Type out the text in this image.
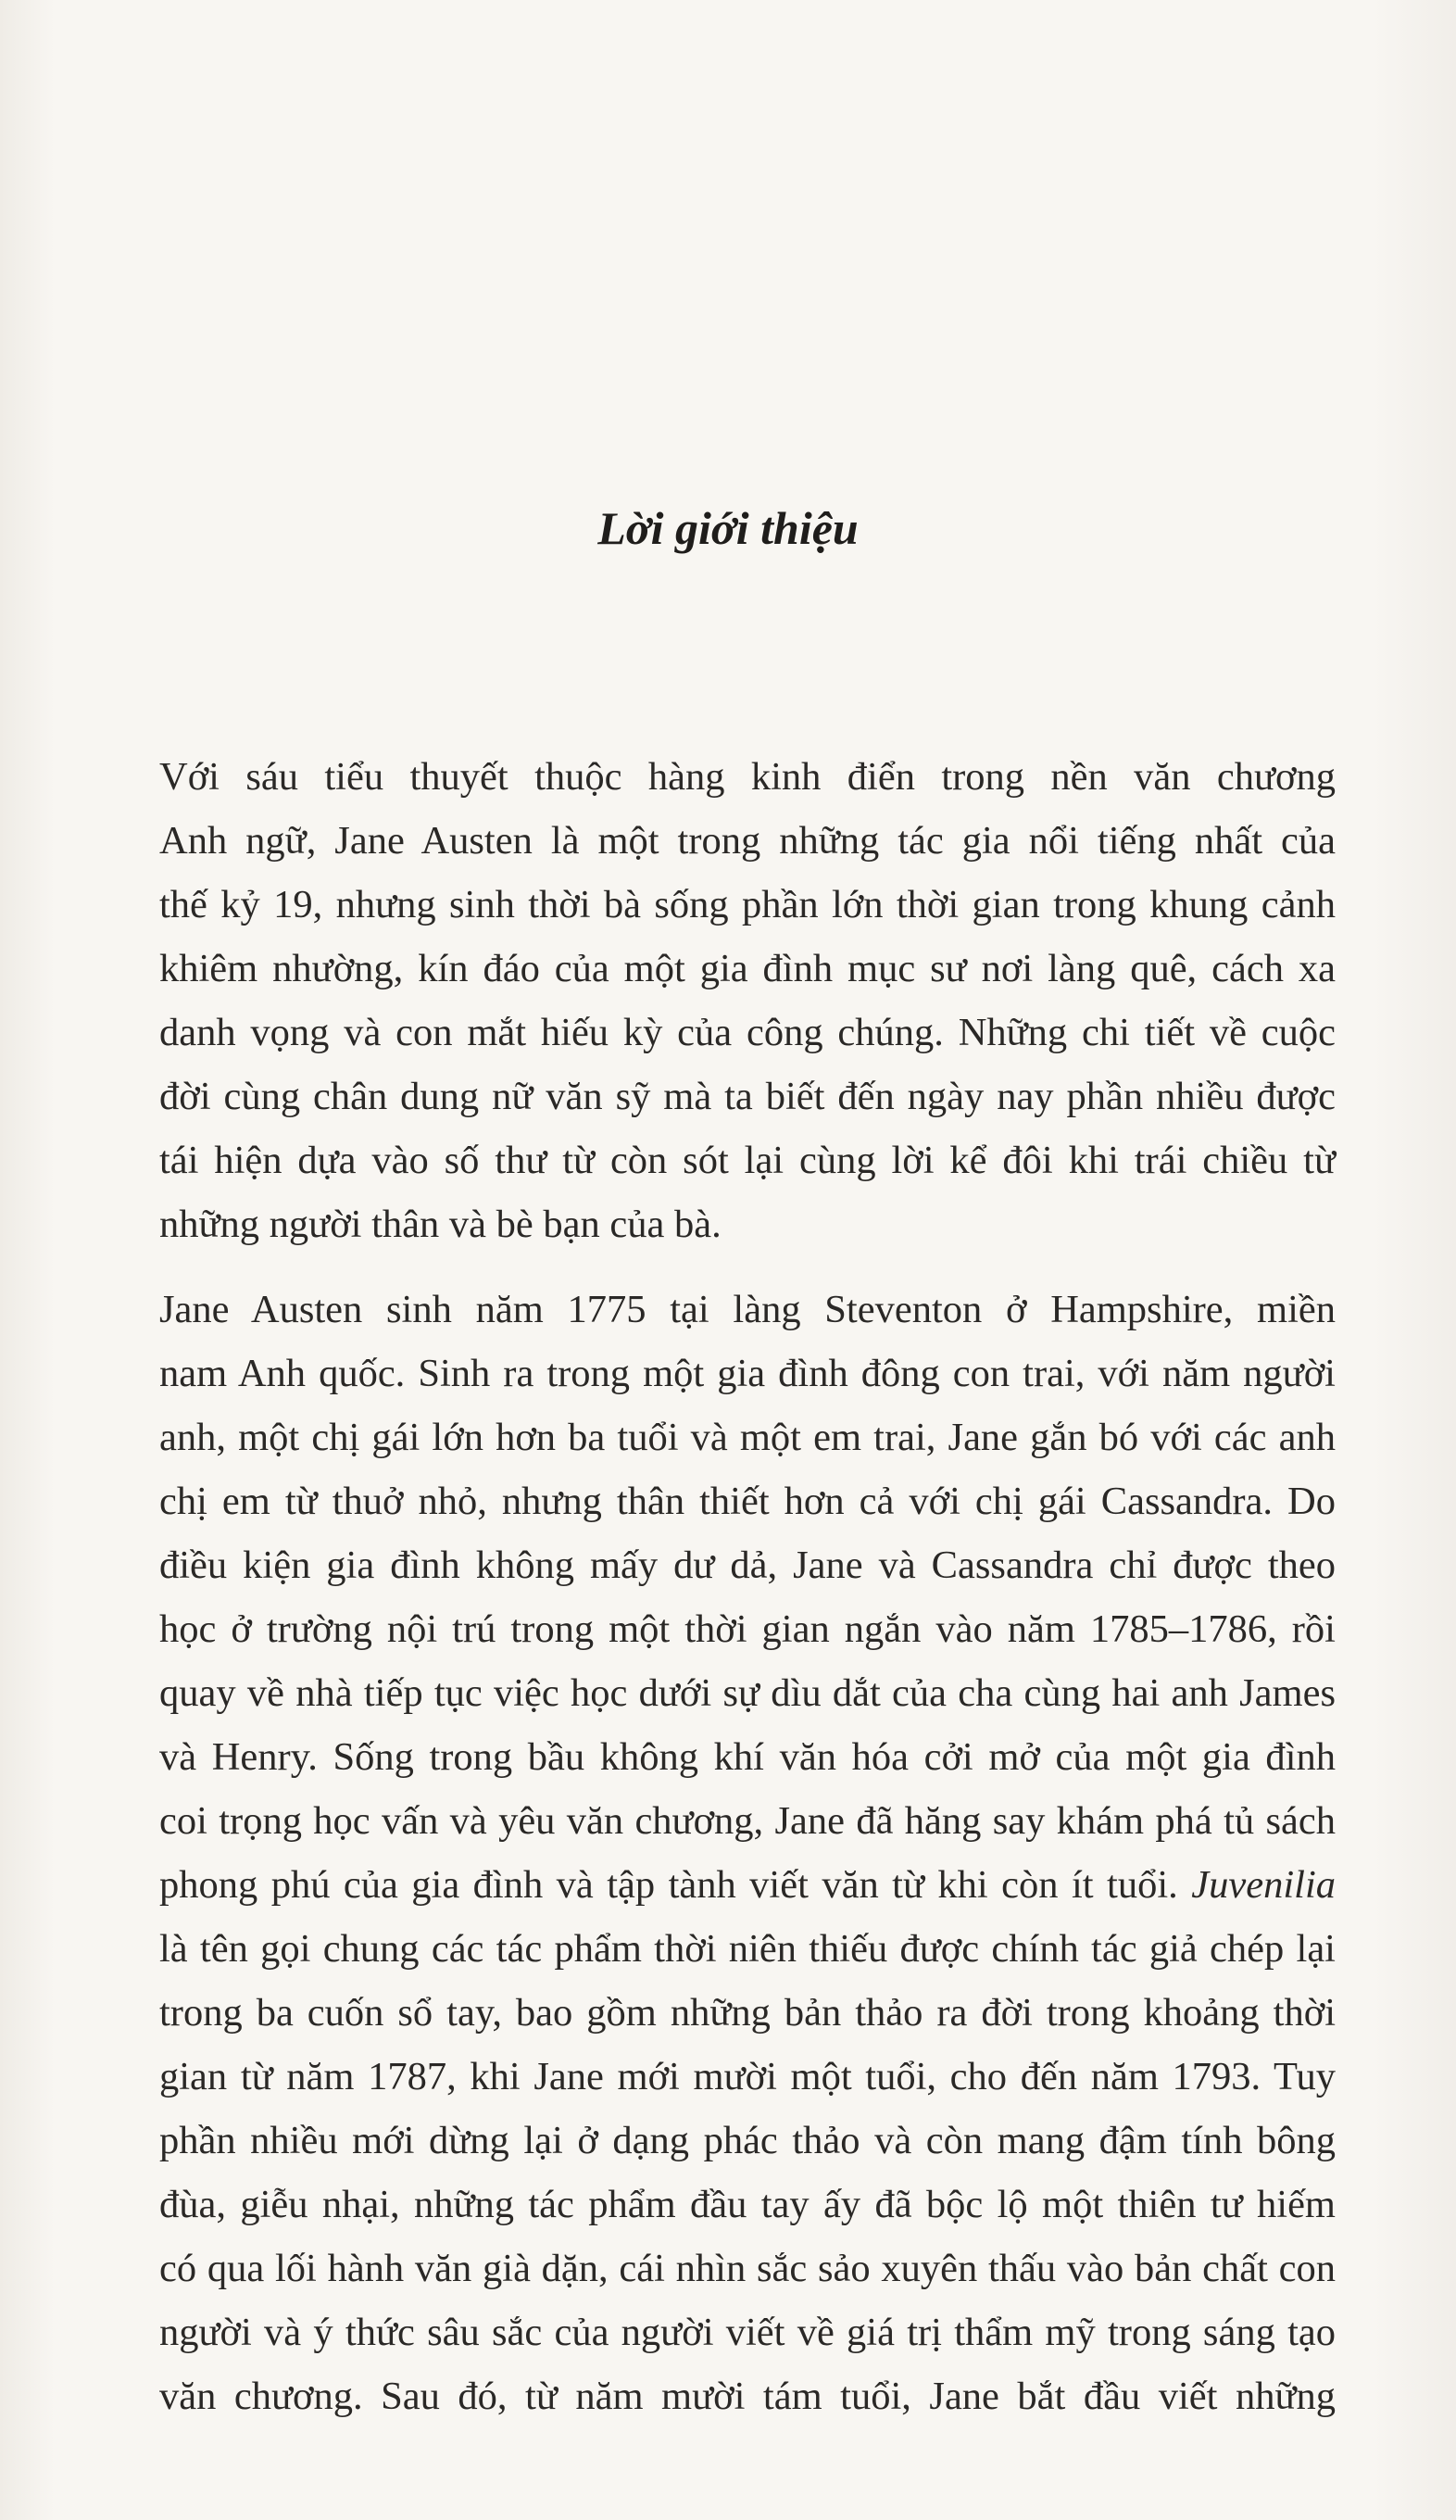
Lời giới thiệu

Với sáu tiểu thuyết thuộc hàng kinh điển trong nền văn chương
Anh ngữ, Jane Austen là một trong những tác gia nổi tiếng nhất của
thế kỷ 19, nhưng sinh thời bà sống phần lớn thời gian trong khung cảnh
khiêm nhường, kín đáo của một gia đình mục sư nơi làng quê, cách xa
danh vọng và con mắt hiếu kỳ của công chúng. Những chi tiết về cuộc
đời cùng chân dung nữ văn sỹ mà ta biết đến ngày nay phần nhiều được
tái hiện dựa vào số thư từ còn sót lại cùng lời kể đôi khi trái chiều từ
những người thân và bè bạn của bà.

Jane Austen sinh năm 1775 tại làng Steventon ở Hampshire, miền
nam Anh quốc. Sinh ra trong một gia đình đông con trai, với năm người
anh, một chị gái lớn hơn ba tuổi và một em trai, Jane gắn bó với các anh
chị em từ thuở nhỏ, nhưng thân thiết hơn cả với chị gái Cassandra. Do
điều kiện gia đình không mấy dư dả, Jane và Cassandra chỉ được theo
học ở trường nội trú trong một thời gian ngắn vào năm 1785–1786, rồi
quay về nhà tiếp tục việc học dưới sự dìu dắt của cha cùng hai anh James
và Henry. Sống trong bầu không khí văn hóa cởi mở của một gia đình
coi trọng học vấn và yêu văn chương, Jane đã hăng say khám phá tủ sách
phong phú của gia đình và tập tành viết văn từ khi còn ít tuổi. Juvenilia
là tên gọi chung các tác phẩm thời niên thiếu được chính tác giả chép lại
trong ba cuốn sổ tay, bao gồm những bản thảo ra đời trong khoảng thời
gian từ năm 1787, khi Jane mới mười một tuổi, cho đến năm 1793. Tuy
phần nhiều mới dừng lại ở dạng phác thảo và còn mang đậm tính bông
đùa, giễu nhại, những tác phẩm đầu tay ấy đã bộc lộ một thiên tư hiếm
có qua lối hành văn già dặn, cái nhìn sắc sảo xuyên thấu vào bản chất con
người và ý thức sâu sắc của người viết về giá trị thẩm mỹ trong sáng tạo
văn chương. Sau đó, từ năm mười tám tuổi, Jane bắt đầu viết những
